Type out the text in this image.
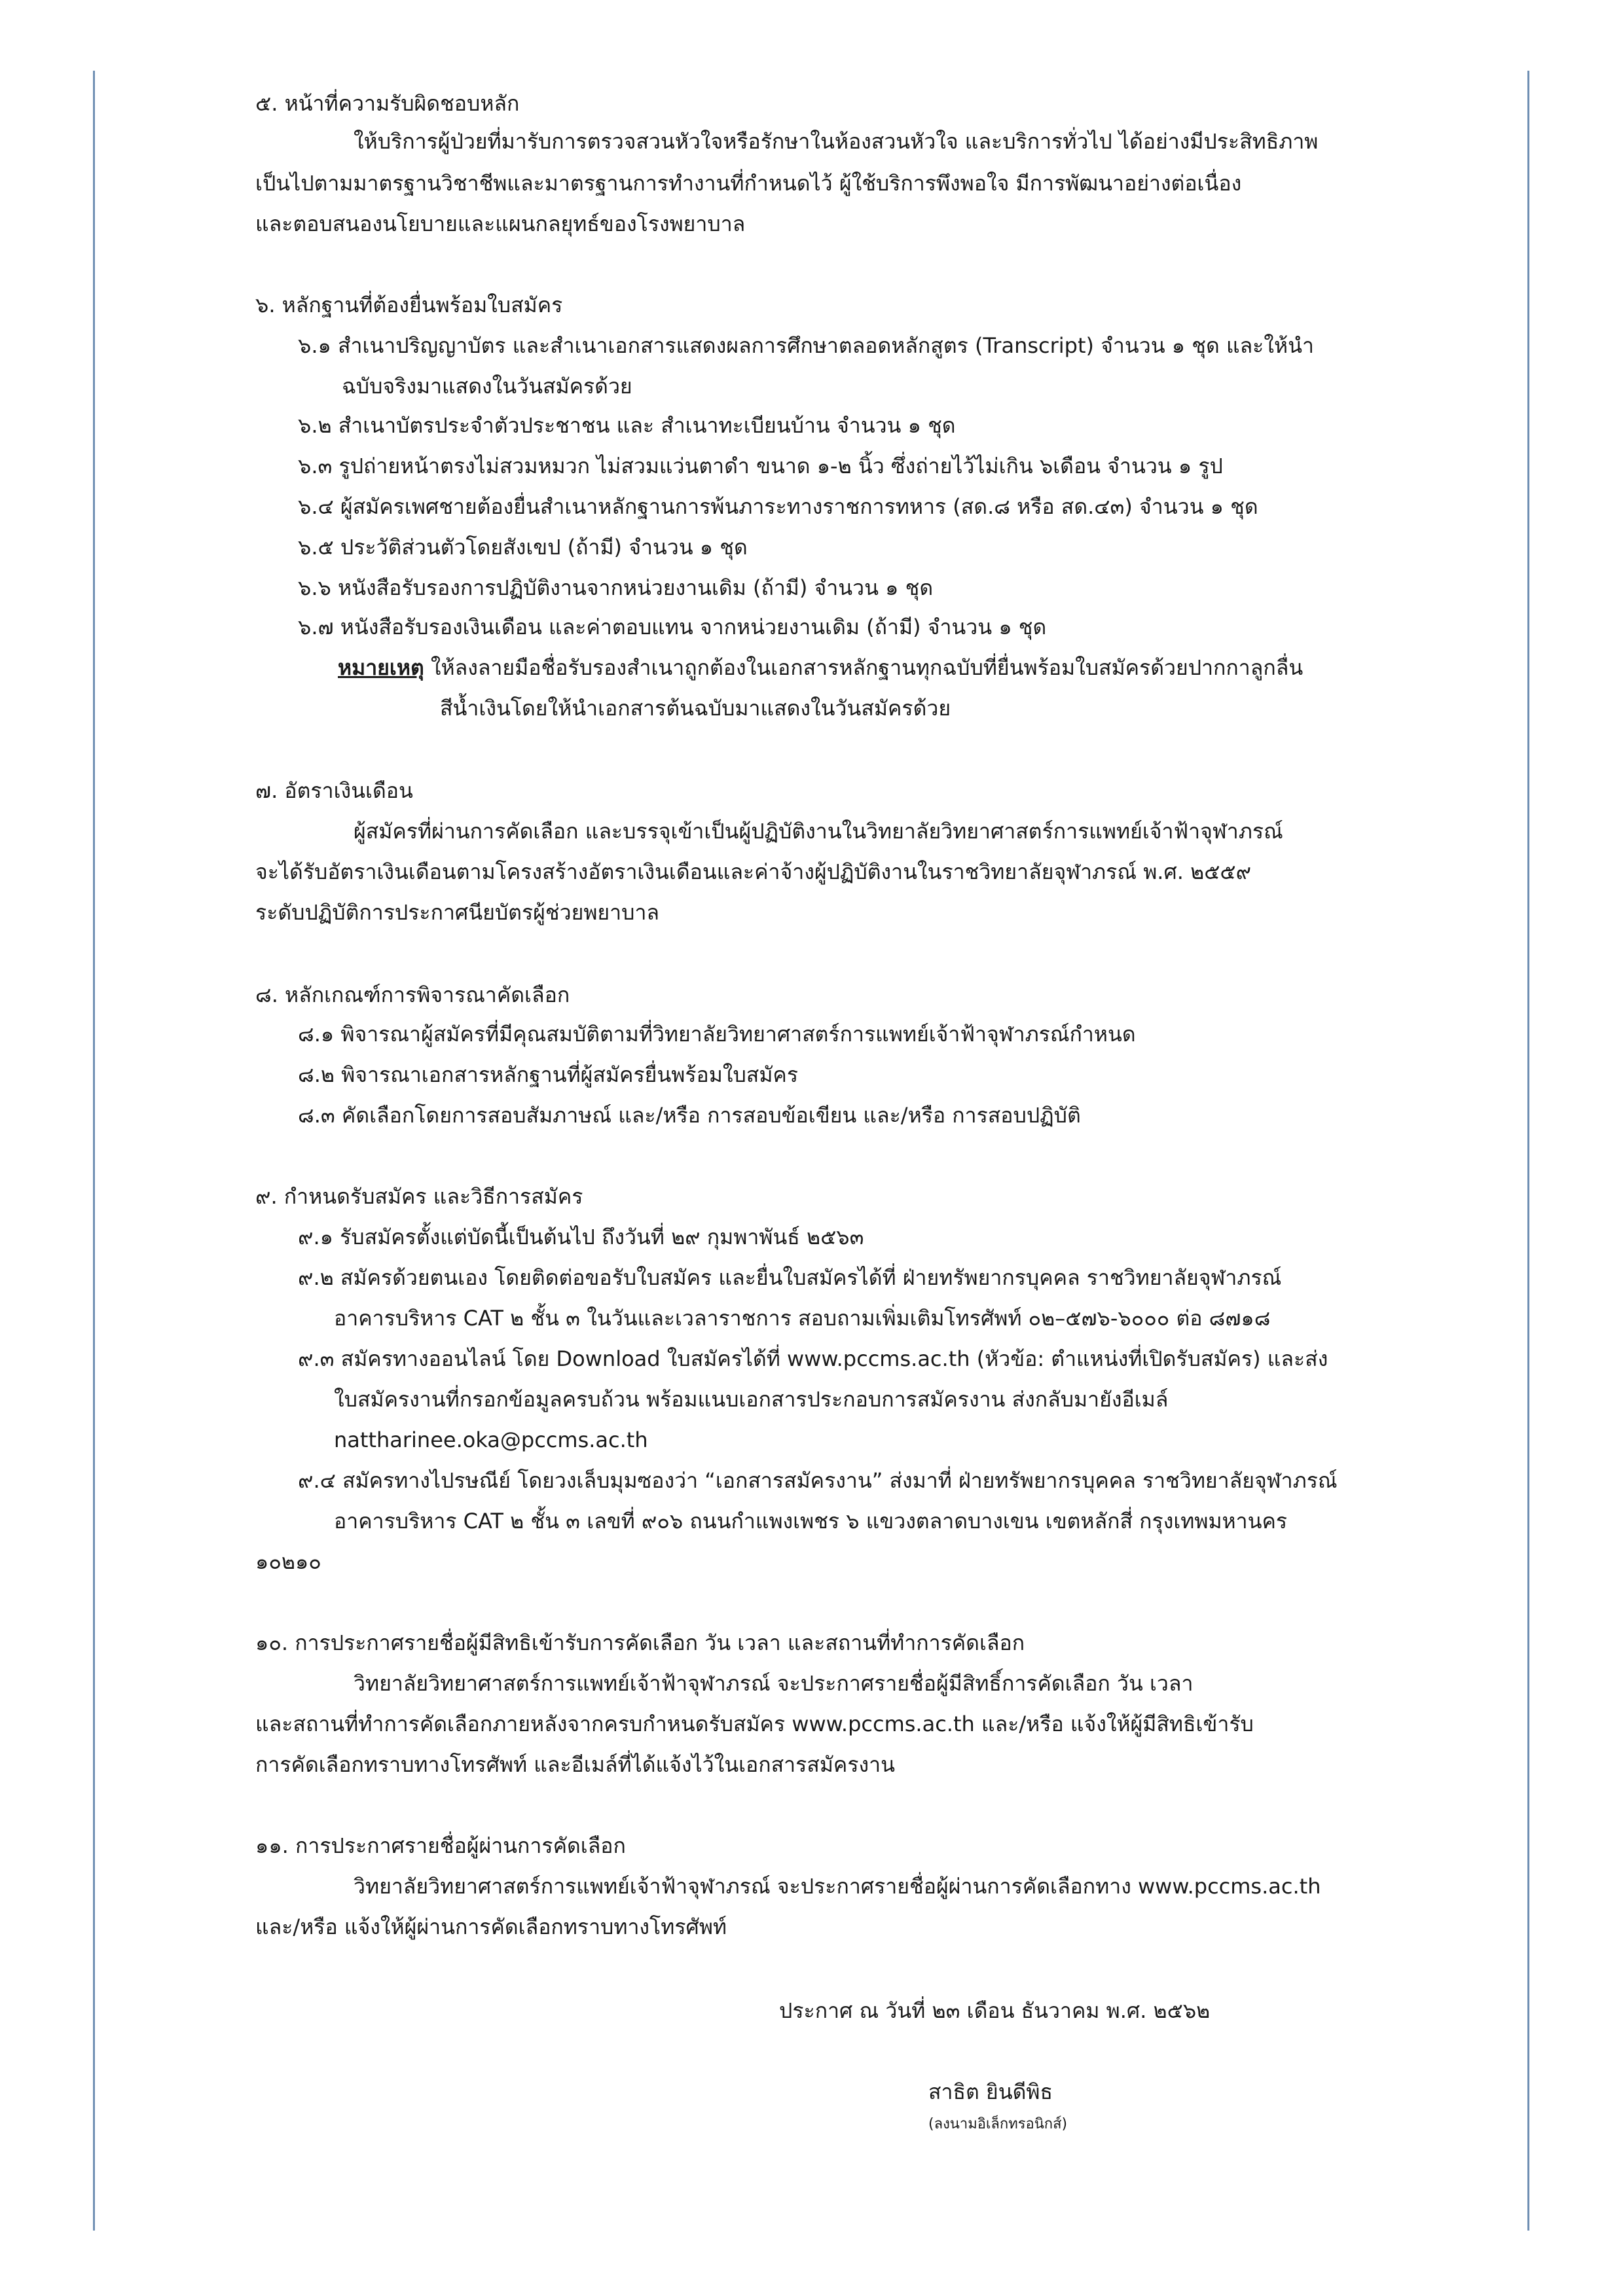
๕. หน้าที่ความรับผิดชอบหลัก
ให้บริการผู้ป่วยที่มารับการตรวจสวนหัวใจหรือรักษาในห้องสวนหัวใจ และบริการทั่วไป ได้อย่างมีประสิทธิภาพ
เป็นไปตามมาตรฐานวิชาชีพและมาตรฐานการทำงานที่กำหนดไว้ ผู้ใช้บริการพึงพอใจ มีการพัฒนาอย่างต่อเนื่อง
และตอบสนองนโยบายและแผนกลยุทธ์ของโรงพยาบาล
๖. หลักฐานที่ต้องยื่นพร้อมใบสมัคร
๖.๑ สำเนาปริญญาบัตร และสำเนาเอกสารแสดงผลการศึกษาตลอดหลักสูตร (Transcript) จำนวน ๑ ชุด และให้นำ
ฉบับจริงมาแสดงในวันสมัครด้วย
๖.๒ สำเนาบัตรประจำตัวประชาชน และ สำเนาทะเบียนบ้าน จำนวน ๑ ชุด
๖.๓ รูปถ่ายหน้าตรงไม่สวมหมวก ไม่สวมแว่นตาดำ ขนาด ๑-๒ นิ้ว ซึ่งถ่ายไว้ไม่เกิน ๖เดือน จำนวน ๑ รูป
๖.๔ ผู้สมัครเพศชายต้องยื่นสำเนาหลักฐานการพ้นภาระทางราชการทหาร (สด.๘ หรือ สด.๔๓) จำนวน ๑ ชุด
๖.๕ ประวัติส่วนตัวโดยสังเขป (ถ้ามี) จำนวน ๑ ชุด
๖.๖ หนังสือรับรองการปฏิบัติงานจากหน่วยงานเดิม (ถ้ามี) จำนวน ๑ ชุด
๖.๗ หนังสือรับรองเงินเดือน และค่าตอบแทน จากหน่วยงานเดิม (ถ้ามี) จำนวน ๑ ชุด
หมายเหตุ ให้ลงลายมือชื่อรับรองสำเนาถูกต้องในเอกสารหลักฐานทุกฉบับที่ยื่นพร้อมใบสมัครด้วยปากกาลูกลื่น
สีน้ำเงินโดยให้นำเอกสารต้นฉบับมาแสดงในวันสมัครด้วย
๗. อัตราเงินเดือน
ผู้สมัครที่ผ่านการคัดเลือก และบรรจุเข้าเป็นผู้ปฏิบัติงานในวิทยาลัยวิทยาศาสตร์การแพทย์เจ้าฟ้าจุฬาภรณ์
จะได้รับอัตราเงินเดือนตามโครงสร้างอัตราเงินเดือนและค่าจ้างผู้ปฏิบัติงานในราชวิทยาลัยจุฬาภรณ์ พ.ศ. ๒๕๕๙
ระดับปฏิบัติการประกาศนียบัตรผู้ช่วยพยาบาล
๘. หลักเกณฑ์การพิจารณาคัดเลือก
๘.๑ พิจารณาผู้สมัครที่มีคุณสมบัติตามที่วิทยาลัยวิทยาศาสตร์การแพทย์เจ้าฟ้าจุฬาภรณ์กำหนด
๘.๒ พิจารณาเอกสารหลักฐานที่ผู้สมัครยื่นพร้อมใบสมัคร
๘.๓ คัดเลือกโดยการสอบสัมภาษณ์ และ/หรือ การสอบข้อเขียน และ/หรือ การสอบปฏิบัติ
๙. กำหนดรับสมัคร และวิธีการสมัคร
๙.๑ รับสมัครตั้งแต่บัดนี้เป็นต้นไป ถึงวันที่ ๒๙ กุมพาพันธ์ ๒๕๖๓
๙.๒ สมัครด้วยตนเอง โดยติดต่อขอรับใบสมัคร และยื่นใบสมัครได้ที่ ฝ่ายทรัพยากรบุคคล ราชวิทยาลัยจุฬาภรณ์
อาคารบริหาร CAT ๒ ชั้น ๓ ในวันและเวลาราชการ สอบถามเพิ่มเติมโทรศัพท์ ๐๒–๕๗๖-๖๐๐๐ ต่อ ๘๗๑๘
๙.๓ สมัครทางออนไลน์ โดย Download ใบสมัครได้ที่ www.pccms.ac.th (หัวข้อ: ตำแหน่งที่เปิดรับสมัคร) และส่ง
ใบสมัครงานที่กรอกข้อมูลครบถ้วน พร้อมแนบเอกสารประกอบการสมัครงาน ส่งกลับมายังอีเมล์
nattharinee.oka@pccms.ac.th
๙.๔ สมัครทางไปรษณีย์ โดยวงเล็บมุมซองว่า “เอกสารสมัครงาน” ส่งมาที่ ฝ่ายทรัพยากรบุคคล ราชวิทยาลัยจุฬาภรณ์
อาคารบริหาร CAT ๒ ชั้น ๓ เลขที่ ๙๐๖ ถนนกำแพงเพชร ๖ แขวงตลาดบางเขน เขตหลักสี่ กรุงเทพมหานคร
๑๐๒๑๐
๑๐. การประกาศรายชื่อผู้มีสิทธิเข้ารับการคัดเลือก วัน เวลา และสถานที่ทำการคัดเลือก
วิทยาลัยวิทยาศาสตร์การแพทย์เจ้าฟ้าจุฬาภรณ์ จะประกาศรายชื่อผู้มีสิทธิ์การคัดเลือก วัน เวลา
และสถานที่ทำการคัดเลือกภายหลังจากครบกำหนดรับสมัคร www.pccms.ac.th และ/หรือ แจ้งให้ผู้มีสิทธิเข้ารับ
การคัดเลือกทราบทางโทรศัพท์ และอีเมล์ที่ได้แจ้งไว้ในเอกสารสมัครงาน
๑๑. การประกาศรายชื่อผู้ผ่านการคัดเลือก
วิทยาลัยวิทยาศาสตร์การแพทย์เจ้าฟ้าจุฬาภรณ์ จะประกาศรายชื่อผู้ผ่านการคัดเลือกทาง www.pccms.ac.th
และ/หรือ แจ้งให้ผู้ผ่านการคัดเลือกทราบทางโทรศัพท์
ประกาศ ณ วันที่ ๒๓ เดือน ธันวาคม พ.ศ. ๒๕๖๒
สาธิต ยินดีพิธ
(ลงนามอิเล็กทรอนิกส์)
